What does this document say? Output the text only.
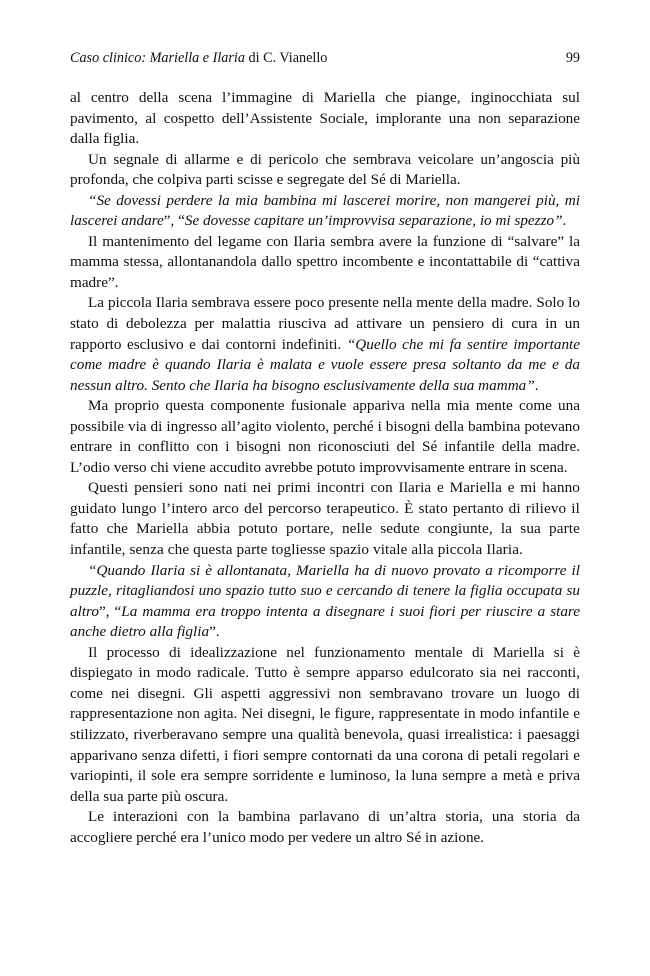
Caso clinico: Mariella e Ilaria di C. Vianello	99

al centro della scena l’immagine di Mariella che piange, inginocchiata sul pavimento, al cospetto dell’Assistente Sociale, implorante una non separazione dalla figlia.

Un segnale di allarme e di pericolo che sembrava veicolare un’angoscia più profonda, che colpiva parti scisse e segregate del Sé di Mariella.

“Se dovessi perdere la mia bambina mi lascerei morire, non mangerei più, mi lascerei andare”, “Se dovesse capitare un’improvvisa separazione, io mi spezzo”.

Il mantenimento del legame con Ilaria sembra avere la funzione di “salvare” la mamma stessa, allontanandola dallo spettro incombente e incontattabile di “cattiva madre”.

La piccola Ilaria sembrava essere poco presente nella mente della madre. Solo lo stato di debolezza per malattia riusciva ad attivare un pensiero di cura in un rapporto esclusivo e dai contorni indefiniti. “Quello che mi fa sentire importante come madre è quando Ilaria è malata e vuole essere presa soltanto da me e da nessun altro. Sento che Ilaria ha bisogno esclusivamente della sua mamma”.

Ma proprio questa componente fusionale appariva nella mia mente come una possibile via di ingresso all’agito violento, perché i bisogni della bambina potevano entrare in conflitto con i bisogni non riconosciuti del Sé infantile della madre. L’odio verso chi viene accudito avrebbe potuto improvvisamente entrare in scena.

Questi pensieri sono nati nei primi incontri con Ilaria e Mariella e mi hanno guidato lungo l’intero arco del percorso terapeutico. È stato pertanto di rilievo il fatto che Mariella abbia potuto portare, nelle sedute congiunte, la sua parte infantile, senza che questa parte togliesse spazio vitale alla piccola Ilaria.

“Quando Ilaria si è allontanata, Mariella ha di nuovo provato a ricomporre il puzzle, ritagliandosi uno spazio tutto suo e cercando di tenere la figlia occupata su altro”, “La mamma era troppo intenta a disegnare i suoi fiori per riuscire a stare anche dietro alla figlia”.

Il processo di idealizzazione nel funzionamento mentale di Mariella si è dispiegato in modo radicale. Tutto è sempre apparso edulcorato sia nei racconti, come nei disegni. Gli aspetti aggressivi non sembravano trovare un luogo di rappresentazione non agita. Nei disegni, le figure, rappresentate in modo infantile e stilizzato, riverberavano sempre una qualità benevola, quasi irrealistica: i paesaggi apparivano senza difetti, i fiori sempre contornati da una corona di petali regolari e variopinti, il sole era sempre sorridente e luminoso, la luna sempre a metà e priva della sua parte più oscura.

Le interazioni con la bambina parlavano di un’altra storia, una storia da accogliere perché era l’unico modo per vedere un altro Sé in azione.
